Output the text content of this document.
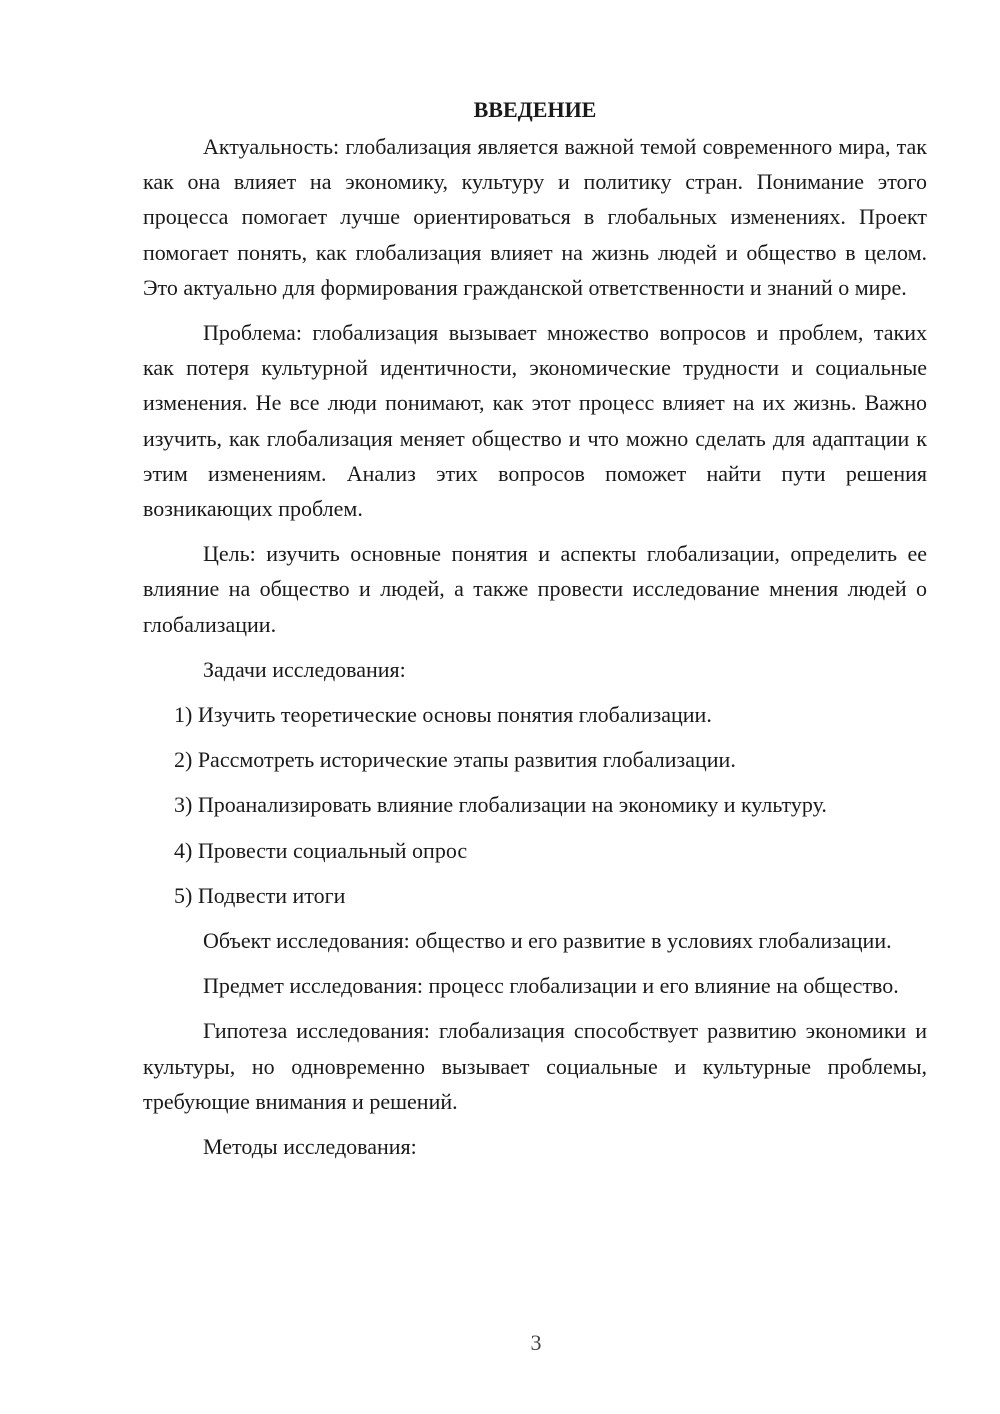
ВВЕДЕНИЕ

Актуальность: глобализация является важной темой современного мира, так как она влияет на экономику, культуру и политику стран. Понимание этого процесса помогает лучше ориентироваться в глобальных изменениях. Проект помогает понять, как глобализация влияет на жизнь людей и общество в целом. Это актуально для формирования гражданской ответственности и знаний о мире.

Проблема: глобализация вызывает множество вопросов и проблем, таких как потеря культурной идентичности, экономические трудности и социальные изменения. Не все люди понимают, как этот процесс влияет на их жизнь. Важно изучить, как глобализация меняет общество и что можно сделать для адаптации к этим изменениям. Анализ этих вопросов поможет найти пути решения возникающих проблем.

Цель: изучить основные понятия и аспекты глобализации, определить ее влияние на общество и людей, а также провести исследование мнения людей о глобализации.

Задачи исследования:

1) Изучить теоретические основы понятия глобализации.
2) Рассмотреть исторические этапы развития глобализации.
3) Проанализировать влияние глобализации на экономику и культуру.
4) Провести социальный опрос
5) Подвести итоги

Объект исследования: общество и его развитие в условиях глобализации.

Предмет исследования: процесс глобализации и его влияние на общество.

Гипотеза исследования: глобализация способствует развитию экономики и культуры, но одновременно вызывает социальные и культурные проблемы, требующие внимания и решений.

Методы исследования:

3
